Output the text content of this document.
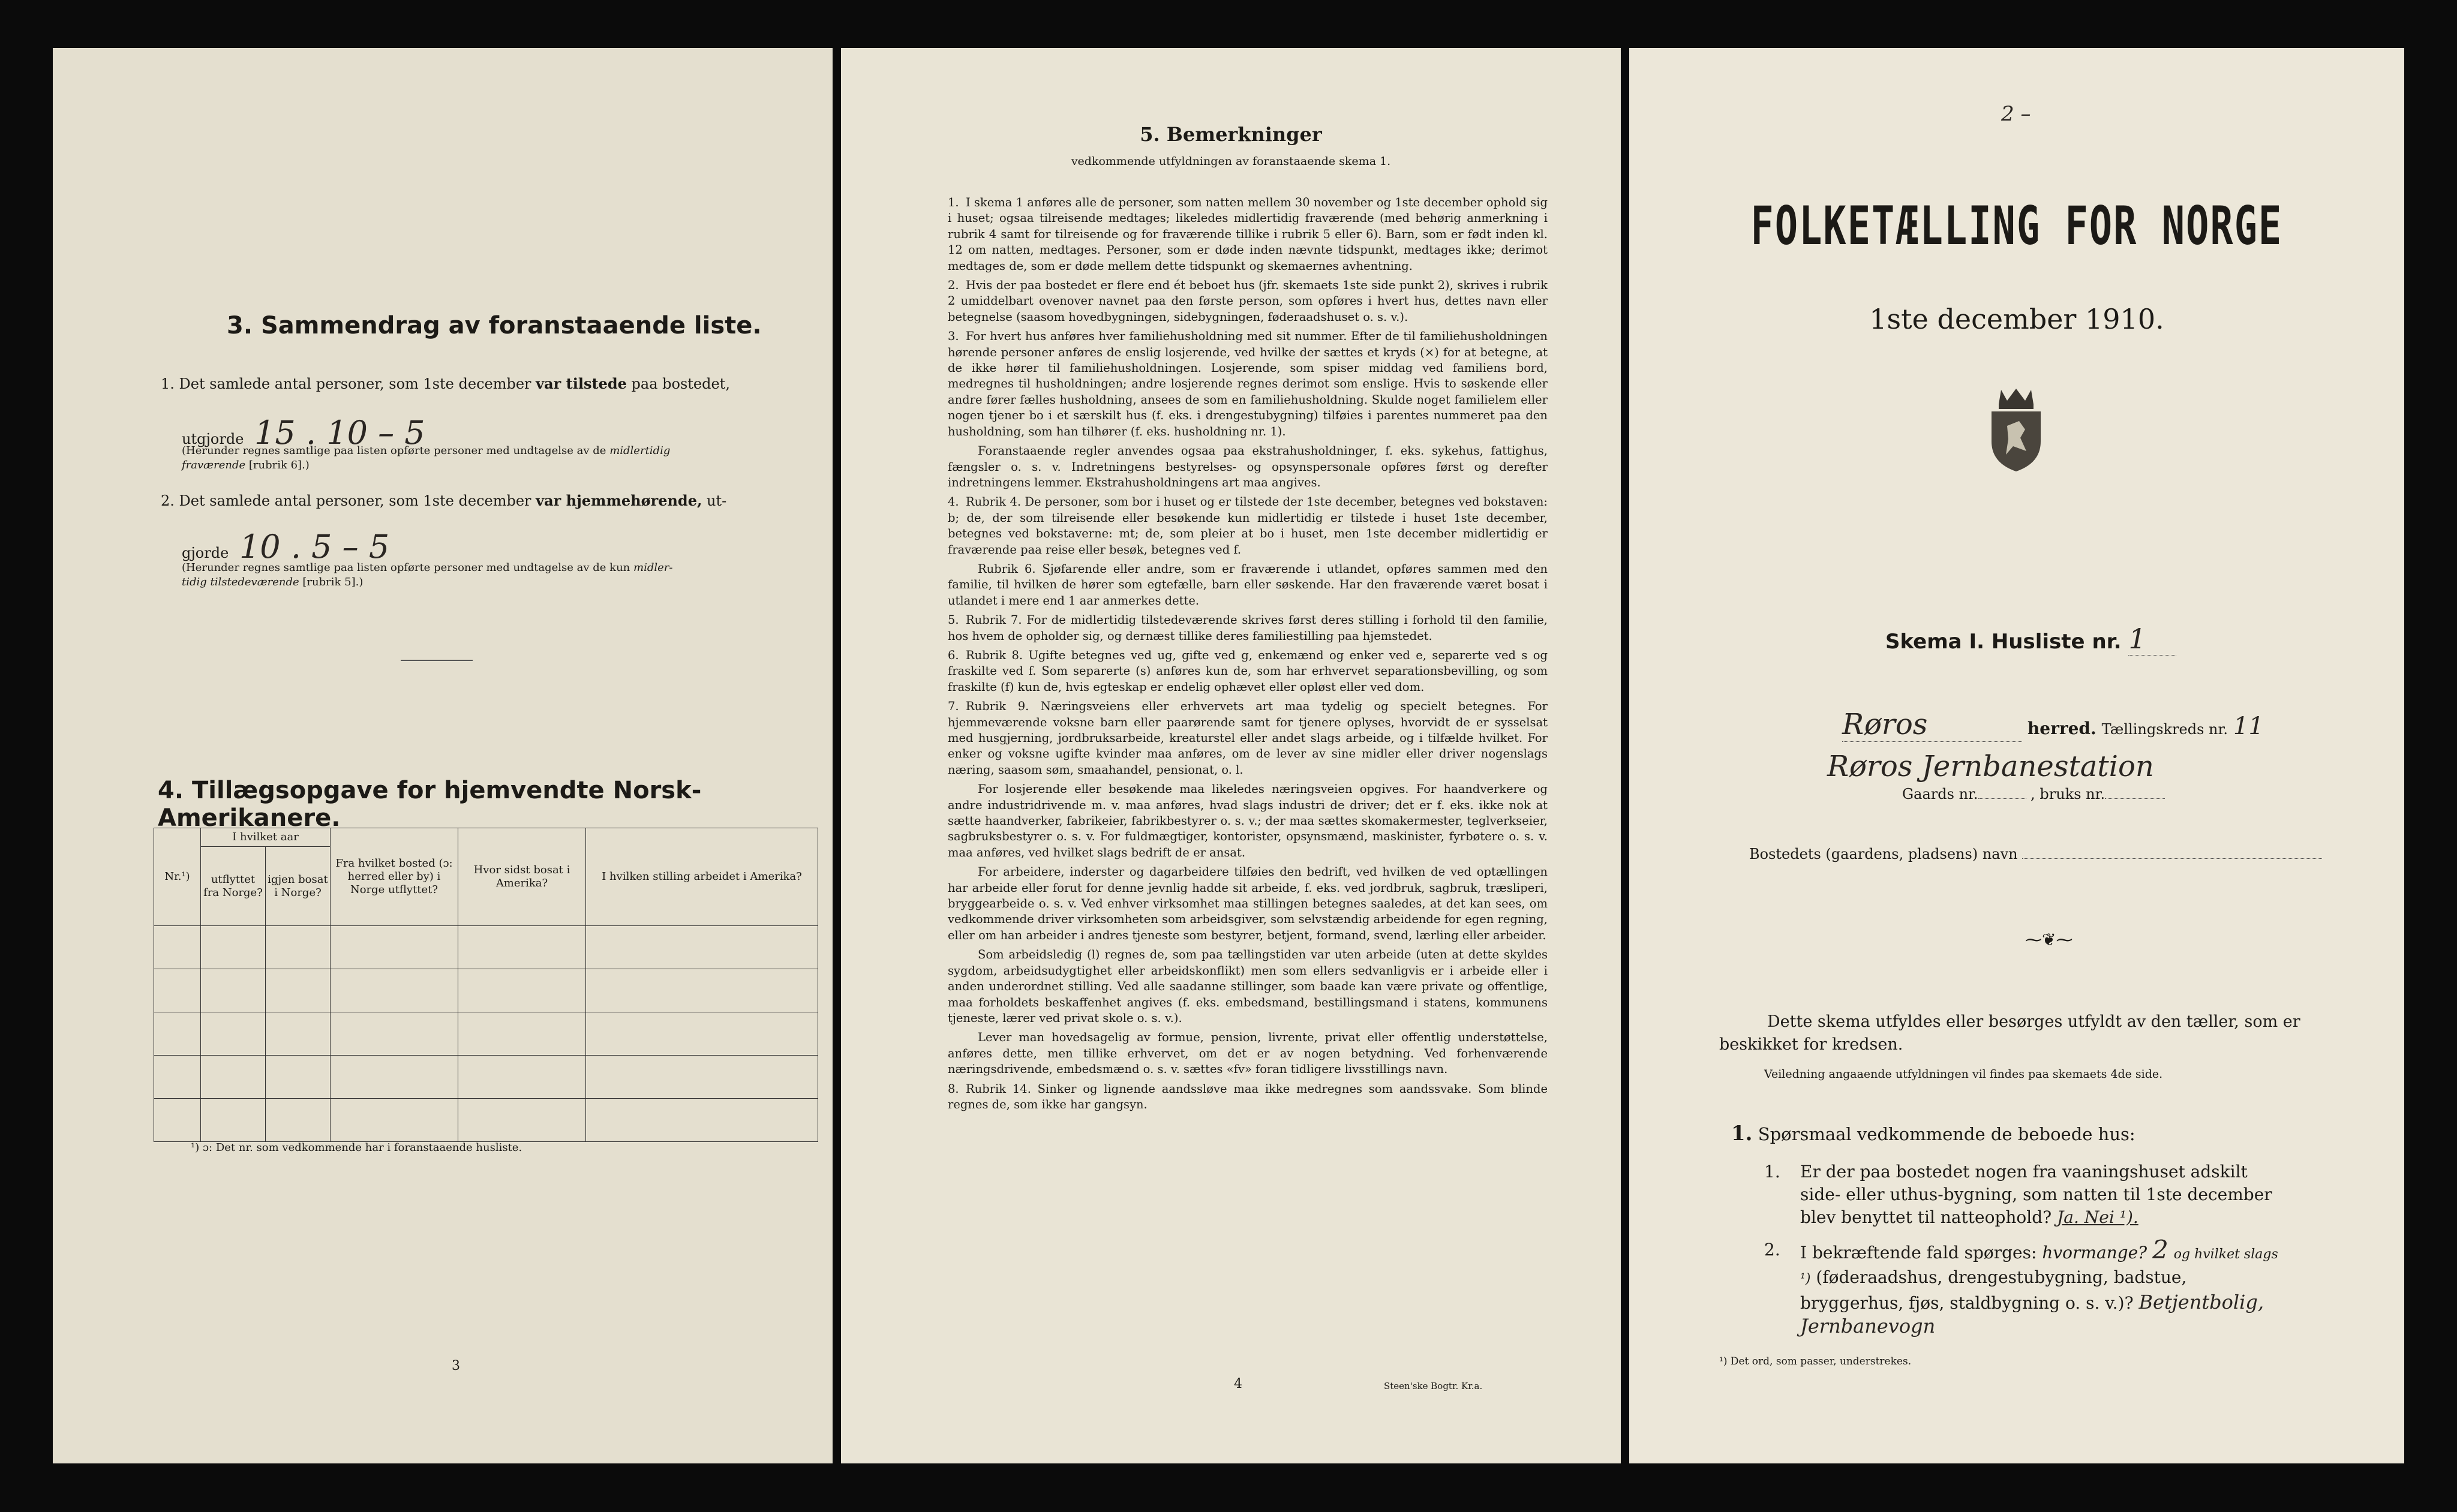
3. Sammendrag av foranstaaende liste.
1. Det samlede antal personer, som 1ste december var tilstede paa bostedet,
utgjorde 15 . 10 – 5
(Herunder regnes samtlige paa listen opførte personer med undtagelse av de midlertidig
fraværende [rubrik 6].)
2. Det samlede antal personer, som 1ste december var hjemmehørende, ut-
gjorde 10 . 5 – 5
(Herunder regnes samtlige paa listen opførte personer med undtagelse av de kun midler-
tidig tilstedeværende [rubrik 5].)
4. Tillægsopgave for hjemvendte Norsk-Amerikanere.
Nr.¹)	I hvilket aar		Fra hvilket bosted (ɔ: herred eller by) i Norge utflyttet?	Hvor sidst bosat i Amerika?	I hvilken stilling arbeidet i Amerika?
	utflyttet fra Norge?	igjen bosat i Norge?			

¹) ɔ: Det nr. som vedkommende har i foranstaaende husliste.
3
5. Bemerkninger
vedkommende utfyldningen av foranstaaende skema 1.

1. I skema 1 anføres alle de personer, som natten mellem 30 november og 1ste december ophold sig i huset; ogsaa tilreisende medtages; likeledes midlertidig fraværende (med behørig anmerkning i rubrik 4 samt for tilreisende og for fraværende tillike i rubrik 5 eller 6). Barn, som er født inden kl. 12 om natten, medtages. Personer, som er døde inden nævnte tidspunkt, medtages ikke; derimot medtages de, som er døde mellem dette tidspunkt og skemaernes avhentning.

2. Hvis der paa bostedet er flere end ét beboet hus (jfr. skemaets 1ste side punkt 2), skrives i rubrik 2 umiddelbart ovenover navnet paa den første person, som opføres i hvert hus, dettes navn eller betegnelse (saasom hovedbygningen, sidebygningen, føderaadshuset o. s. v.).

3. For hvert hus anføres hver familiehusholdning med sit nummer. Efter de til familiehusholdningen hørende personer anføres de enslig losjerende, ved hvilke der sættes et kryds (×) for at betegne, at de ikke hører til familiehusholdningen. Losjerende, som spiser middag ved familiens bord, medregnes til husholdningen; andre losjerende regnes derimot som enslige. Hvis to søskende eller andre fører fælles husholdning, ansees de som en familiehusholdning. Skulde noget familielem eller nogen tjener bo i et særskilt hus (f. eks. i drengestubygning) tilføies i parentes nummeret paa den husholdning, som han tilhører (f. eks. husholdning nr. 1).

Foranstaaende regler anvendes ogsaa paa ekstrahusholdninger, f. eks. sykehus, fattighus, fængsler o. s. v. Indretningens bestyrelses- og opsynspersonale opføres først og derefter indretningens lemmer. Ekstrahusholdningens art maa angives.

4. Rubrik 4. De personer, som bor i huset og er tilstede der 1ste december, betegnes ved bokstaven: b; de, der som tilreisende eller besøkende kun midlertidig er tilstede i huset 1ste december, betegnes ved bokstaverne: mt; de, som pleier at bo i huset, men 1ste december midlertidig er fraværende paa reise eller besøk, betegnes ved f.

Rubrik 6. Sjøfarende eller andre, som er fraværende i utlandet, opføres sammen med den familie, til hvilken de hører som egtefælle, barn eller søskende. Har den fraværende været bosat i utlandet i mere end 1 aar anmerkes dette.

5. Rubrik 7. For de midlertidig tilstedeværende skrives først deres stilling i forhold til den familie, hos hvem de opholder sig, og dernæst tillike deres familiestilling paa hjemstedet.

6. Rubrik 8. Ugifte betegnes ved ug, gifte ved g, enkemænd og enker ved e, separerte ved s og fraskilte ved f. Som separerte (s) anføres kun de, som har erhvervet separationsbevilling, og som fraskilte (f) kun de, hvis egteskap er endelig ophævet eller opløst eller ved dom.

7. Rubrik 9. Næringsveiens eller erhvervets art maa tydelig og specielt betegnes. For hjemmeværende voksne barn eller paarørende samt for tjenere oplyses, hvorvidt de er sysselsat med husgjerning, jordbruksarbeide, kreaturstel eller andet slags arbeide, og i tilfælde hvilket. For enker og voksne ugifte kvinder maa anføres, om de lever av sine midler eller driver nogenslags næring, saasom søm, smaahandel, pensionat, o. l.

For losjerende eller besøkende maa likeledes næringsveien opgives. For haandverkere og andre industridrivende m. v. maa anføres, hvad slags industri de driver; det er f. eks. ikke nok at sætte haandverker, fabrikeier, fabrikbestyrer o. s. v.; der maa sættes skomakermester, teglverkseier, sagbruksbestyrer o. s. v. For fuldmægtiger, kontorister, opsynsmænd, maskinister, fyrbøtere o. s. v. maa anføres, ved hvilket slags bedrift de er ansat.

For arbeidere, inderster og dagarbeidere tilføies den bedrift, ved hvilken de ved optællingen har arbeide eller forut for denne jevnlig hadde sit arbeide, f. eks. ved jordbruk, sagbruk, træsliperi, bryggearbeide o. s. v. Ved enhver virksomhet maa stillingen betegnes saaledes, at det kan sees, om vedkommende driver virksomheten som arbeidsgiver, som selvstændig arbeidende for egen regning, eller om han arbeider i andres tjeneste som bestyrer, betjent, formand, svend, lærling eller arbeider.

Som arbeidsledig (l) regnes de, som paa tællingstiden var uten arbeide (uten at dette skyldes sygdom, arbeidsudygtighet eller arbeidskonflikt) men som ellers sedvanligvis er i arbeide eller i anden underordnet stilling. Ved alle saadanne stillinger, som baade kan være private og offentlige, maa forholdets beskaffenhet angives (f. eks. embedsmand, bestillingsmand i statens, kommunens tjeneste, lærer ved privat skole o. s. v.).

Lever man hovedsagelig av formue, pension, livrente, privat eller offentlig understøttelse, anføres dette, men tillike erhvervet, om det er av nogen betydning. Ved forhenværende næringsdrivende, embedsmænd o. s. v. sættes «fv» foran tidligere livsstillings navn.

8. Rubrik 14. Sinker og lignende aandssløve maa ikke medregnes som aandssvake. Som blinde regnes de, som ikke har gangsyn.

4	Steen'ske Bogtr. Kr.a.
2 –
FOLKETÆLLING FOR NORGE
1ste december 1910.
Skema I. Husliste nr. 1
Røros	herred. Tællingskreds nr. 11
Røros Jernbanestation
Gaards nr.	, bruks nr.
Bostedets (gaardens, pladsens) navn
⁓❦⁓
Dette skema utfyldes eller besørges utfyldt av den tæller, som er beskikket for kredsen.
Veiledning angaaende utfyldningen vil findes paa skemaets 4de side.
1. Spørsmaal vedkommende de beboede hus:
1. Er der paa bostedet nogen fra vaaningshuset adskilt side- eller uthus-bygning, som natten til 1ste december blev benyttet til natteophold? Ja. Nei ¹).
2. I bekræftende fald spørges: hvormange? 2 og hvilket slags ¹) (føderaadshus, drengestubygning, badstue, bryggerhus, fjøs, staldbygning o. s. v.)? Betjentbolig, Jernbanevogn
¹) Det ord, som passer, understrekes.
